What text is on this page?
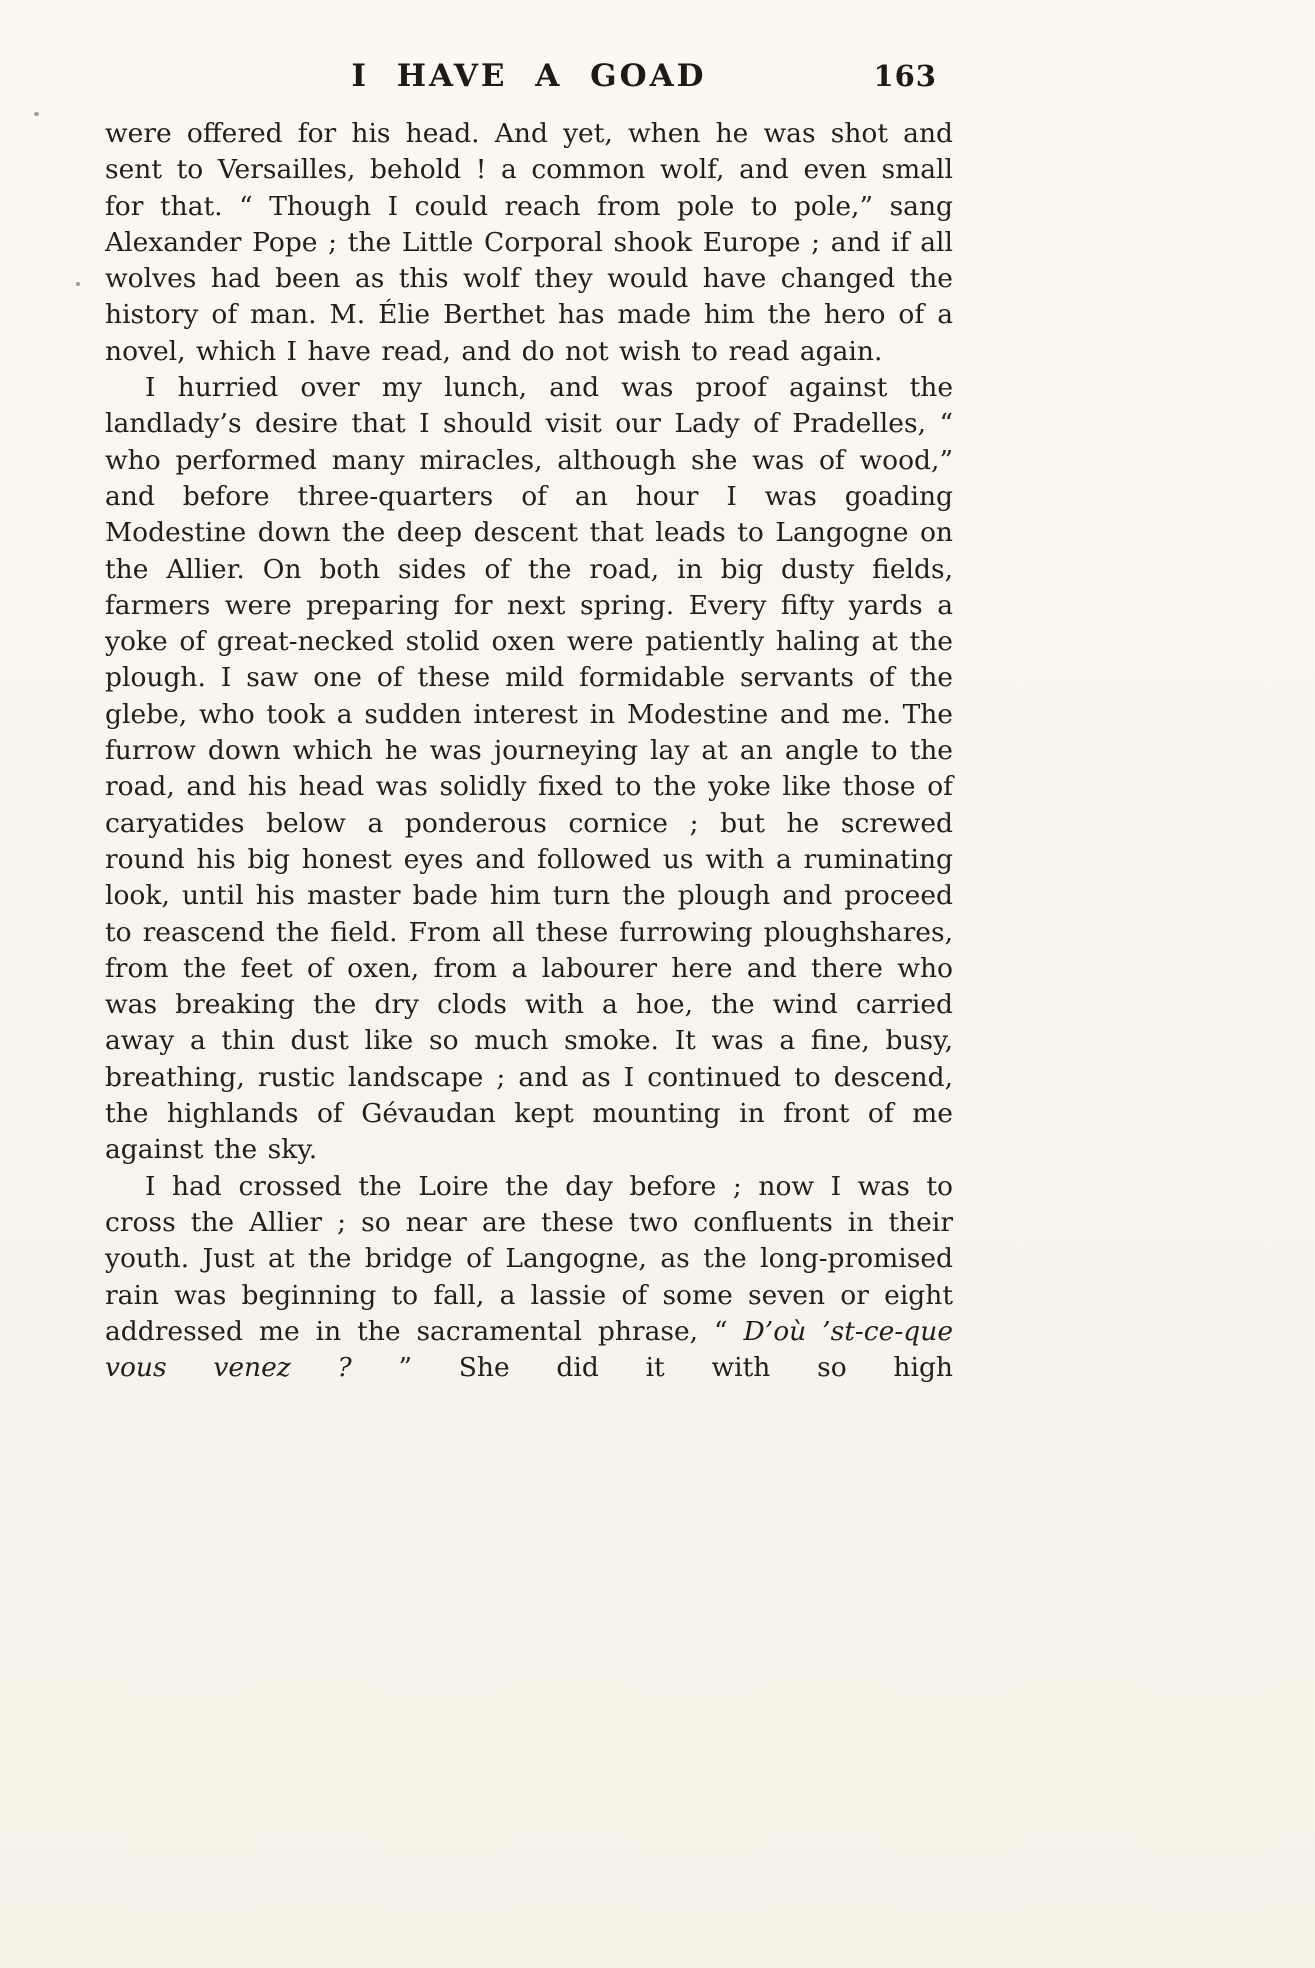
I HAVE A GOAD	163

were offered for his head. And yet, when he was shot and sent to Versailles, behold ! a common wolf, and even small for that. “ Though I could reach from pole to pole,” sang Alexander Pope ; the Little Corporal shook Europe ; and if all wolves had been as this wolf they would have changed the history of man. M. Élie Berthet has made him the hero of a novel, which I have read, and do not wish to read again.

I hurried over my lunch, and was proof against the landlady’s desire that I should visit our Lady of Pradelles, “ who performed many miracles, although she was of wood,” and before three-quarters of an hour I was goading Modestine down the deep descent that leads to Langogne on the Allier. On both sides of the road, in big dusty fields, farmers were preparing for next spring. Every fifty yards a yoke of great-necked stolid oxen were patiently haling at the plough. I saw one of these mild formidable servants of the glebe, who took a sudden interest in Modestine and me. The furrow down which he was journeying lay at an angle to the road, and his head was solidly fixed to the yoke like those of caryatides below a ponderous cornice ; but he screwed round his big honest eyes and followed us with a ruminating look, until his master bade him turn the plough and proceed to reascend the field. From all these furrowing ploughshares, from the feet of oxen, from a labourer here and there who was breaking the dry clods with a hoe, the wind carried away a thin dust like so much smoke. It was a fine, busy, breathing, rustic landscape ; and as I continued to descend, the highlands of Gévaudan kept mounting in front of me against the sky.

I had crossed the Loire the day before ; now I was to cross the Allier ; so near are these two confluents in their youth. Just at the bridge of Langogne, as the long-promised rain was beginning to fall, a lassie of some seven or eight addressed me in the sacramental phrase, “ D’où ’st-ce-que vous venez ? ” She did it with so high
